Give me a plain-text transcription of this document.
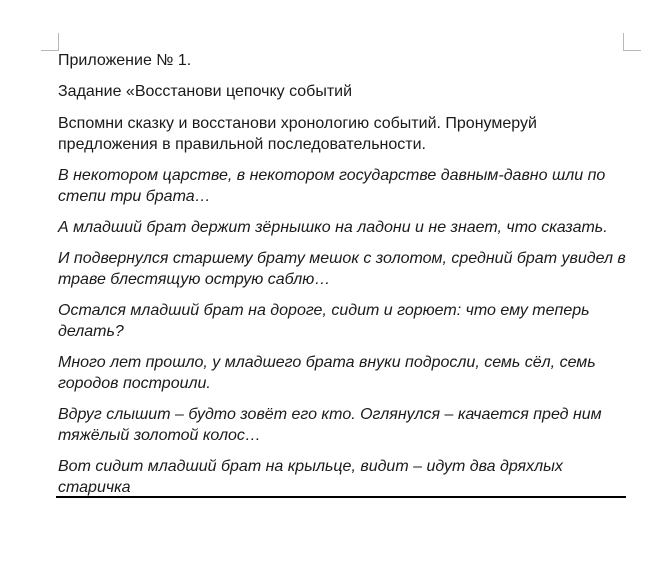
Приложение № 1.

Задание «Восстанови цепочку событий

Вспомни сказку и восстанови хронологию событий. Пронумеруй предложения в правильной последовательности.

В некотором царстве, в некотором государстве давным-давно шли по степи три брата…

А младший брат держит зёрнышко на ладони и не знает, что сказать.

И подвернулся старшему брату мешок с золотом, средний брат увидел в траве блестящую острую саблю…

Остался младший брат на дороге, сидит и горюет: что ему теперь делать?

Много лет прошло, у младшего брата внуки подросли, семь сёл, семь городов построили.

Вдруг слышит – будто зовёт его кто. Оглянулся – качается пред ним тяжёлый золотой колос…

Вот сидит младший брат на крыльце, видит – идут два дряхлых старичка
